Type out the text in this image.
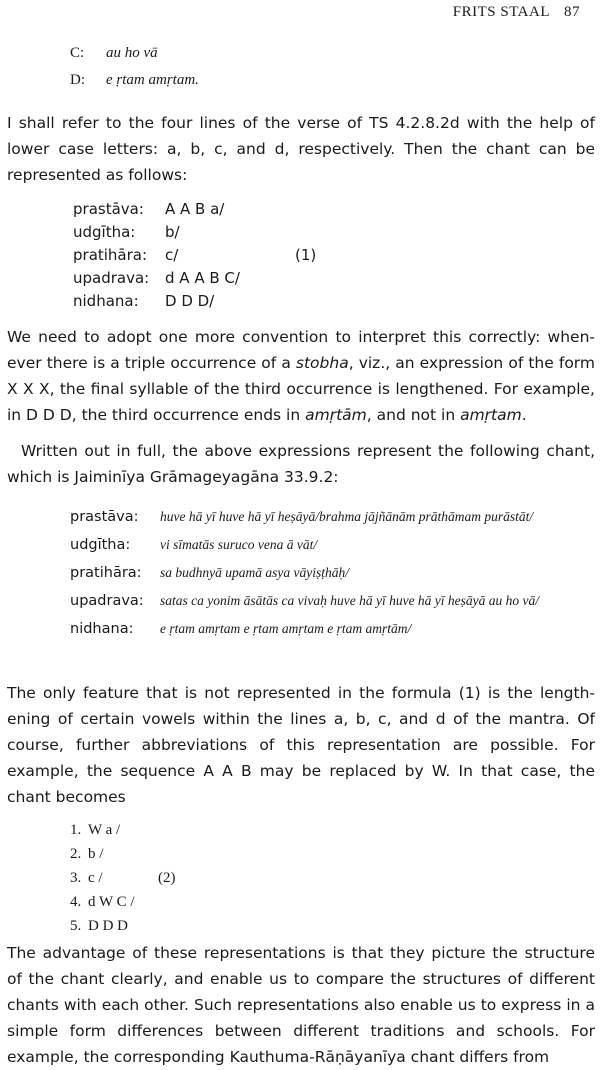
FRITS STAAL 87
C: au ho vā
D: e ṛtam amṛtam.

I shall refer to the four lines of the verse of TS 4.2.8.2d with the help of lower case letters: a, b, c, and d, respectively. Then the chant can be represented as follows:

prastāva:	A A B a/
udgītha:	b/
pratihāra:	c/	(1)
upadrava:	d A A B C/
nidhana:	D D D/

We need to adopt one more convention to interpret this correctly: when-ever there is a triple occurrence of a stobha, viz., an expression of the form X X X, the final syllable of the third occurrence is lengthened. For example, in D D D, the third occurrence ends in amṛtām, and not in amṛtam.

Written out in full, the above expressions represent the following chant, which is Jaiminīya Grāmageyagāna 33.9.2:

prastāva:	huve hā yī huve hā yī heṣāyā/brahma jājñānām prāthāmam purāstāt/
udgītha:	vi sīmatās suruco vena ā vāt/
pratihāra:	sa budhnyā upamā asya vāyiṣṭhāḥ/
upadrava:	satas ca yonim āsātās ca vivaḥ huve hā yī huve hā yī heṣāyā au ho vā/
nidhana:	e ṛtam amṛtam e ṛtam amṛtam e ṛtam amṛtām/

The only feature that is not represented in the formula (1) is the length-ening of certain vowels within the lines a, b, c, and d of the mantra. Of course, further abbreviations of this representation are possible. For example, the sequence A A B may be replaced by W. In that case, the chant becomes

1. W a /
2. b /
3. c /	(2)
4. d W C /
5. D D D

The advantage of these representations is that they picture the structure of the chant clearly, and enable us to compare the structures of different chants with each other. Such representations also enable us to express in a simple form differences between different traditions and schools. For example, the corresponding Kauthuma-Rāṇāyanīya chant differs from
